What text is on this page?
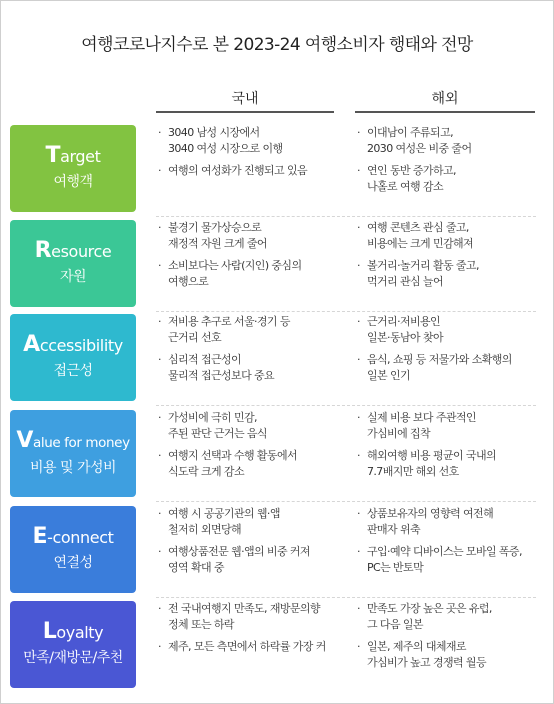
여행코로나지수로 본 2023-24 여행소비자 행태와 전망
국내	해외
Target
여행객
· 3040 남성 시장에서
3040 여성 시장으로 이행
· 여행의 여성화가 진행되고 있음
· 이대남이 주류되고,
2030 여성은 비중 줄어
· 연인 동반 증가하고,
나홀로 여행 감소
Resource
자원
· 불경기 물가상승으로
재정적 자원 크게 줄어
· 소비보다는 사람(지인) 중심의
여행으로
· 여행 콘텐츠 관심 줄고,
비용에는 크게 민감해져
· 볼거리·놀거리 활동 줄고,
먹거리 관심 늘어
Accessibility
접근성
· 저비용 추구로 서울·경기 등
근거리 선호
· 심리적 접근성이
물리적 접근성보다 중요
· 근거리·저비용인
일본·동남아 찾아
· 음식, 쇼핑 등 저물가와 소확행의
일본 인기
Value for money
비용 및 가성비
· 가성비에 극히 민감,
주된 판단 근거는 음식
· 여행지 선택과 수행 활동에서
식도락 크게 감소
· 실제 비용 보다 주관적인
가심비에 집착
· 해외여행 비용 평균이 국내의
7.7배지만 해외 선호
E-connect
연결성
· 여행 시 공공기관의 웹·앱
철저히 외면당해
· 여행상품전문 웹·앱의 비중 커져
영역 확대 중
· 상품보유자의 영향력 여전해
판매자 위축
· 구입·예약 디바이스는 모바일 폭증,
PC는 반토막
Loyalty
만족/재방문/추천
· 전 국내여행지 만족도, 재방문의향
정체 또는 하락
· 제주, 모든 측면에서 하락률 가장 커
· 만족도 가장 높은 곳은 유럽,
그 다음 일본
· 일본, 제주의 대체재로
가심비가 높고 경쟁력 월등
